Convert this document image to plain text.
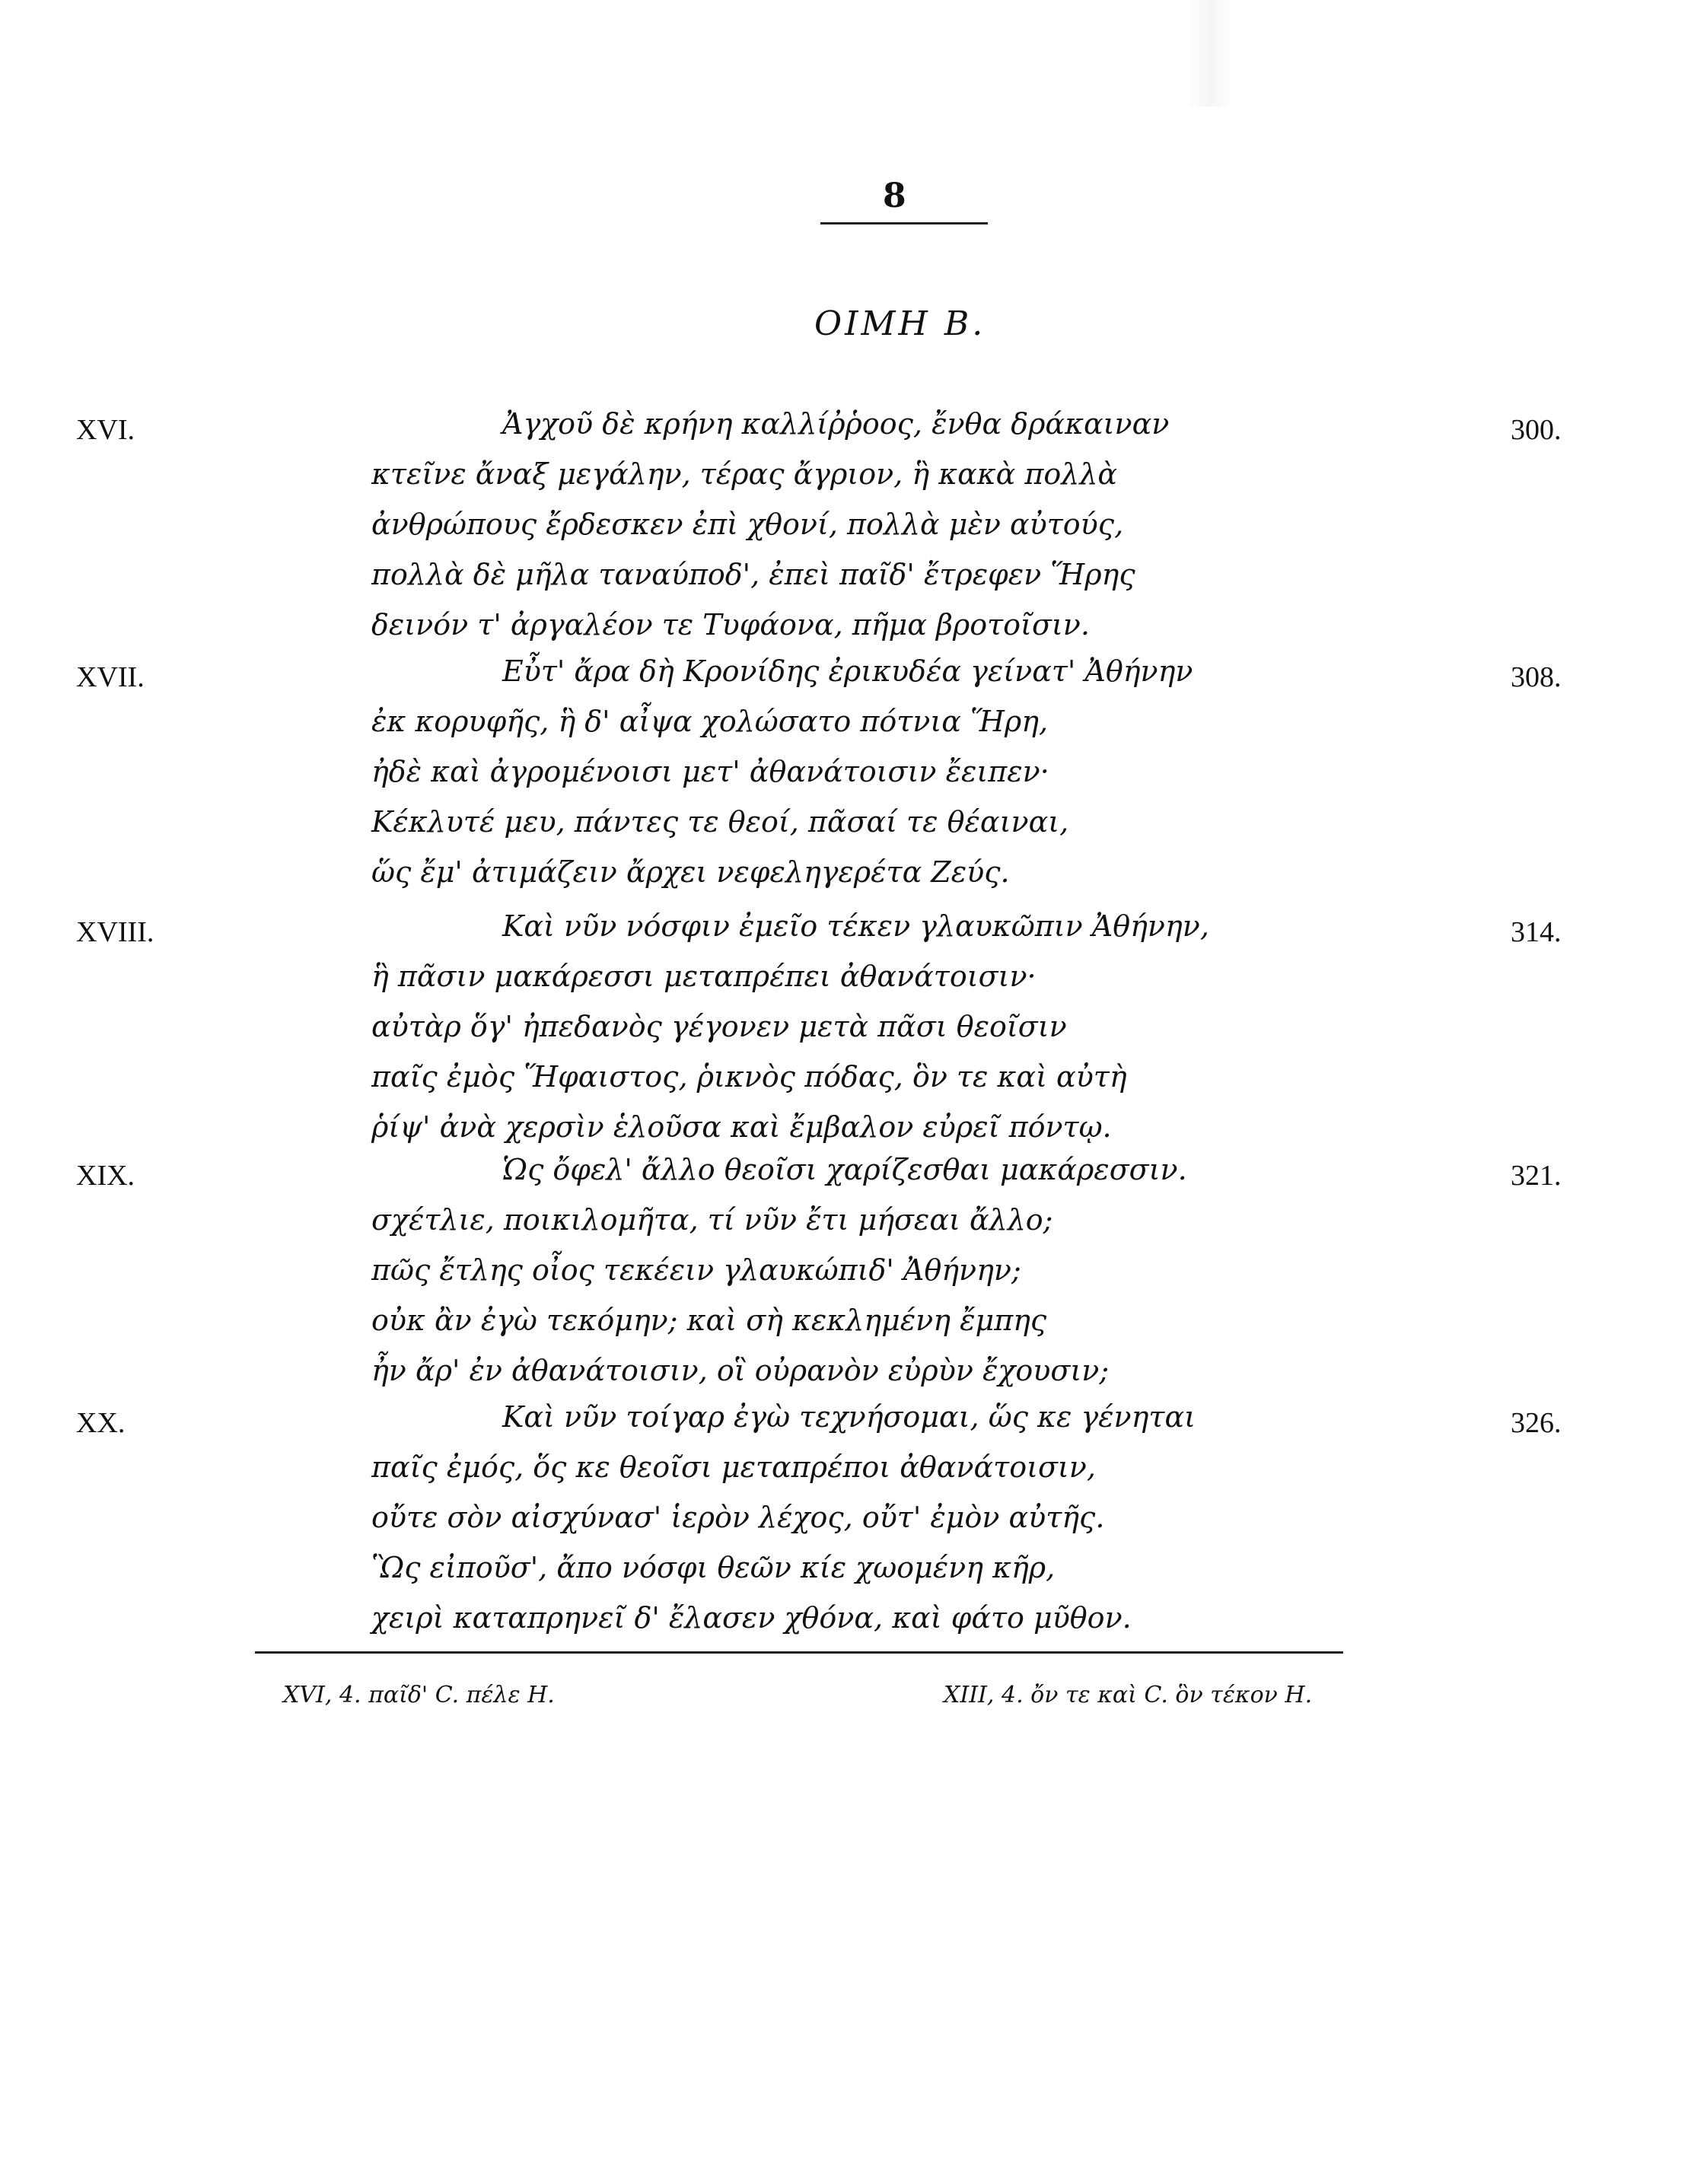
8
ΟΙΜΗ Β.
XVI.	300.
Ἀγχοῦ δὲ κρήνη καλλίῤῥοος, ἔνθα δράκαιναν
κτεῖνε ἄναξ μεγάλην, τέρας ἄγριον, ἣ κακὰ πολλὰ
ἀνθρώπους ἔρδεσκεν ἐπὶ χθονί, πολλὰ μὲν αὐτούς,
πολλὰ δὲ μῆλα ταναύποδ', ἐπεὶ παῖδ' ἔτρεφεν Ἥρης
δεινόν τ' ἀργαλέον τε Τυφάονα, πῆμα βροτοῖσιν.
XVII.	308.
Εὖτ' ἄρα δὴ Κρονίδης ἐρικυδέα γείνατ' Ἀθήνην
ἐκ κορυφῆς, ἣ δ' αἶψα χολώσατο πότνια Ἥρη,
ἠδὲ καὶ ἀγρομένοισι μετ' ἀθανάτοισιν ἔειπεν·
Κέκλυτέ μευ, πάντες τε θεοί, πᾶσαί τε θέαιναι,
ὥς ἔμ' ἀτιμάζειν ἄρχει νεφεληγερέτα Ζεύς.
XVIII.	314.
Καὶ νῦν νόσφιν ἐμεῖο τέκεν γλαυκῶπιν Ἀθήνην,
ἣ πᾶσιν μακάρεσσι μεταπρέπει ἀθανάτοισιν·
αὐτὰρ ὅγ' ἠπεδανὸς γέγονεν μετὰ πᾶσι θεοῖσιν
παῖς ἐμὸς Ἥφαιστος, ῥικνὸς πόδας, ὃν τε καὶ αὐτὴ
ῥίψ' ἀνὰ χερσὶν ἑλοῦσα καὶ ἔμβαλον εὐρεῖ πόντῳ.
XIX.	321.
Ὡς ὄφελ' ἄλλο θεοῖσι χαρίζεσθαι μακάρεσσιν.
σχέτλιε, ποικιλομῆτα, τί νῦν ἔτι μήσεαι ἄλλο;
πῶς ἔτλης οἶος τεκέειν γλαυκώπιδ' Ἀθήνην;
οὐκ ἂν ἐγὼ τεκόμην; καὶ σὴ κεκλημένη ἔμπης
ἦν ἄρ' ἐν ἀθανάτοισιν, οἳ οὐρανὸν εὐρὺν ἔχουσιν;
XX.	326.
Καὶ νῦν τοίγαρ ἐγὼ τεχνήσομαι, ὥς κε γένηται
παῖς ἐμός, ὅς κε θεοῖσι μεταπρέποι ἀθανάτοισιν,
οὔτε σὸν αἰσχύνασ' ἱερὸν λέχος, οὔτ' ἐμὸν αὐτῆς.
Ὣς εἰποῦσ', ἄπο νόσφι θεῶν κίε χωομένη κῆρ,
χειρὶ καταπρηνεῖ δ' ἔλασεν χθόνα, καὶ φάτο μῦθον.
XVI, 4. παῖδ' C. πέλε H.	XIII, 4. ὄν τε καὶ C. ὃν τέκον H.
